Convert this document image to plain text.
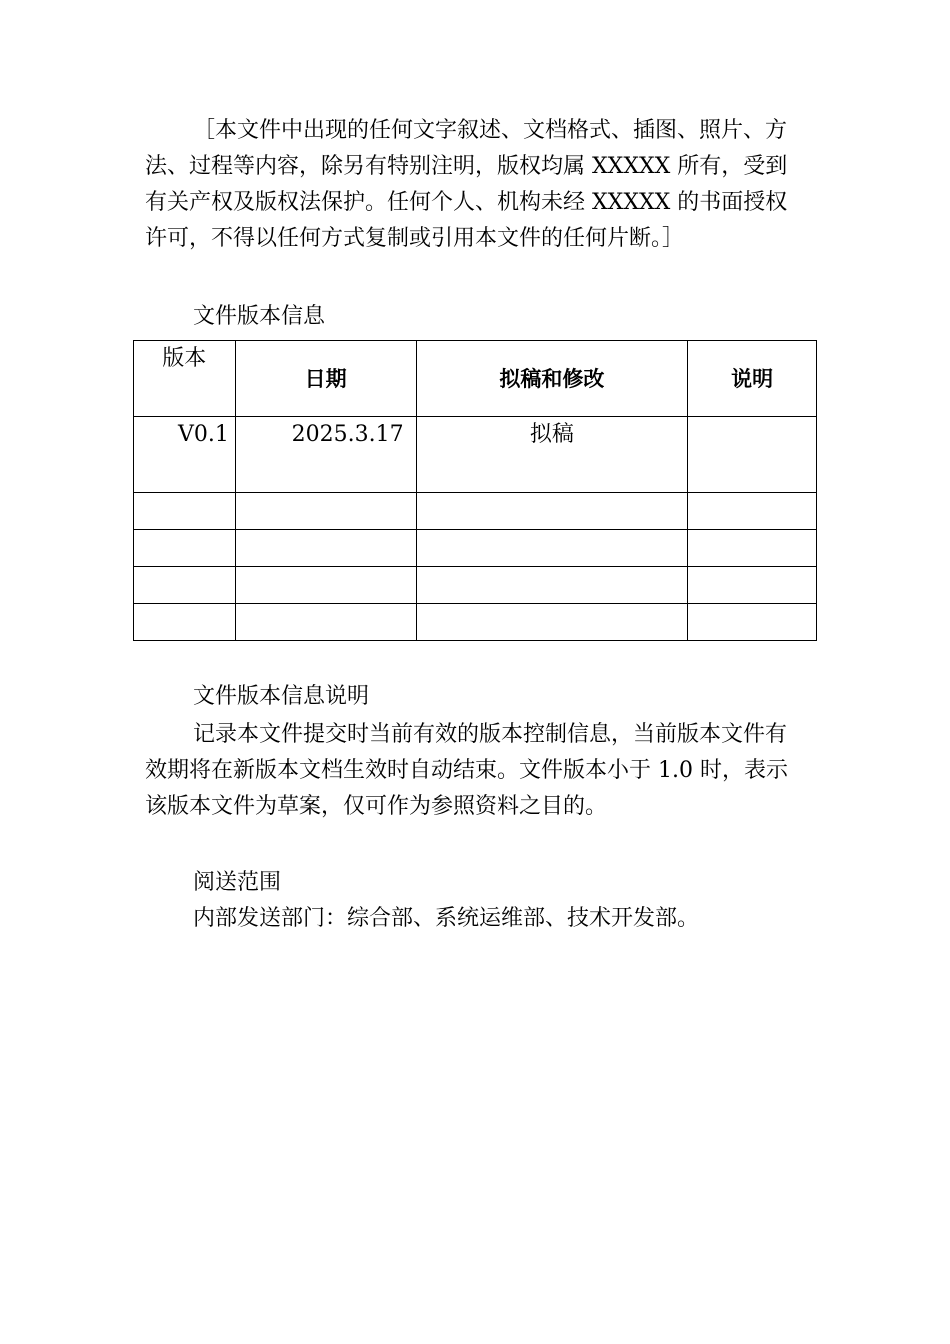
［本文件中出现的任何文字叙述、文档格式、插图、照片、方法、过程等内容，除另有特别注明，版权均属 XXXXX 所有，受到有关产权及版权法保护。任何个人、机构未经 XXXXX 的书面授权许可，不得以任何方式复制或引用本文件的任何片断。］

文件版本信息

版本	日期	拟稿和修改	说明

V0.1	2025.3.17	拟稿	

文件版本信息说明

记录本文件提交时当前有效的版本控制信息，当前版本文件有效期将在新版本文档生效时自动结束。文件版本小于 1.0 时，表示该版本文件为草案，仅可作为参照资料之目的。

阅送范围

内部发送部门：综合部、系统运维部、技术开发部。
